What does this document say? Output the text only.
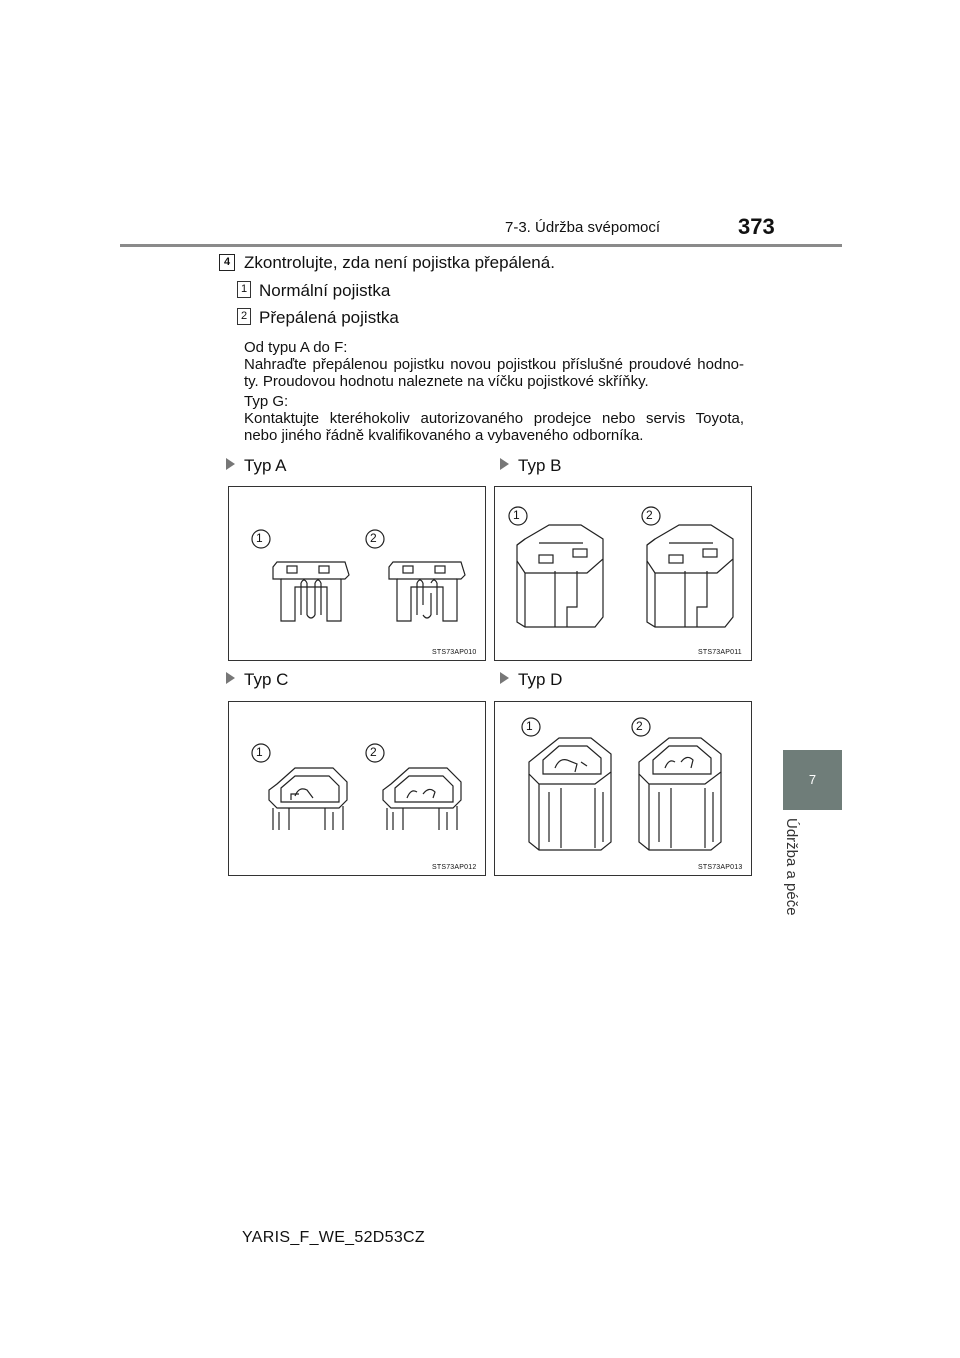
7-3. Údržba svépomocí	373
7
Údržba a péče
4 Zkontrolujte, zda není pojistka přepálená.
1 Normální pojistka
2 Přepálená pojistka
Od typu A do F:
Nahraďte přepálenou pojistku novou pojistkou příslušné proudové hodno-
ty. Proudovou hodnotu naleznete na víčku pojistkové skříňky.
Typ G:
Kontaktujte kteréhokoliv autorizovaného prodejce nebo servis Toyota,
nebo jiného řádně kvalifikovaného a vybaveného odborníka.
Typ A	Typ B
Typ C	Typ D
STS73AP010
1	2
STS73AP011
1	2
STS73AP012
1	2
STS73AP013
1	2
YARIS_F_WE_52D53CZ
